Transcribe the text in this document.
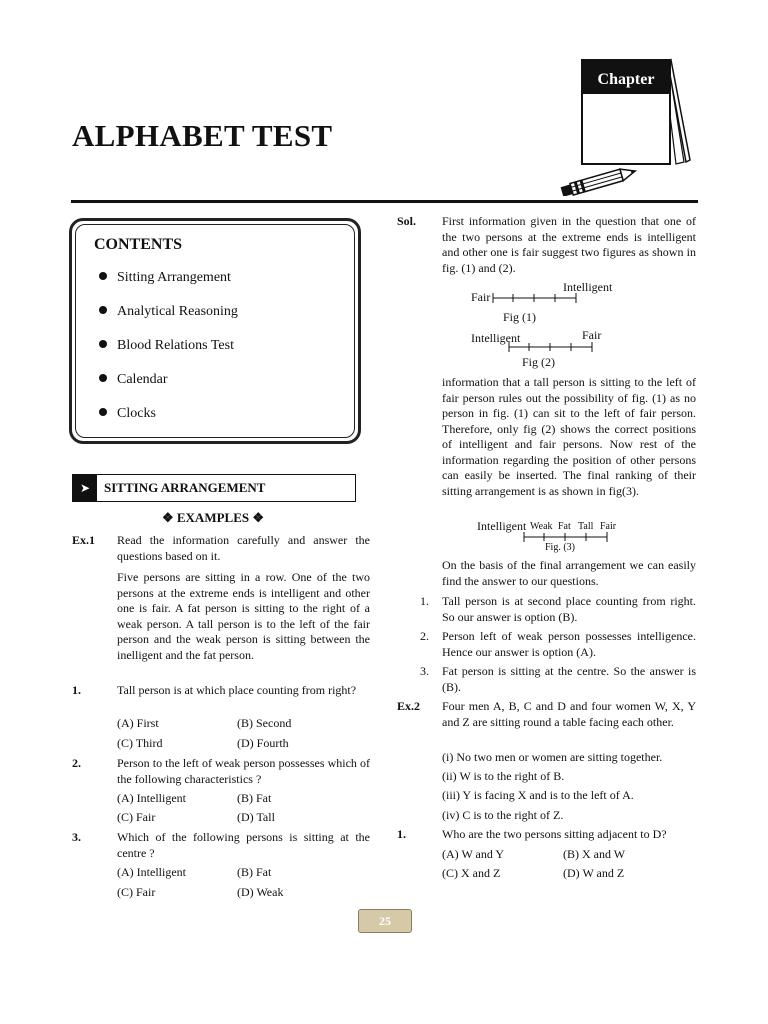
ALPHABET TEST
Chapter
CONTENTS
Sitting Arrangement
Analytical Reasoning
Blood Relations Test
Calendar
Clocks
➤	SITTING ARRANGEMENT
❖ EXAMPLES ❖
Ex.1 Read the information carefully and answer the questions based on it.
Five persons are sitting in a row. One of the two persons at the extreme ends is intelligent and other one is fair. A fat person is sitting to the right of a weak person. A tall person is to the left of the fair person and the weak person is sitting between the inelligent and the fat person.
1.	Tall person is at which place counting from right?
(A) First	(B) Second
(C) Third	(D) Fourth
2.	Person to the left of weak person possesses which of the following characteristics ?
(A) Intelligent	(B) Fat
(C) Fair	(D) Tall
3.	Which of the following persons is sitting at the centre ?
(A) Intelligent	(B) Fat
(C) Fair	(D) Weak
Sol. First information given in the question that one of the two persons at the extreme ends is intelligent and other one is fair suggest two figures as shown in fig. (1) and (2).
Fair
Intelligent
Fig (1)
Intelligent	Fair
Fig (2)
information that a tall person is sitting to the left of fair person rules out the possibility of fig. (1) as no person in fig. (1) can sit to the left of fair person. Therefore, only fig (2) shows the correct positions of intelligent and fair persons. Now rest of the information regarding the position of other persons can easily be inserted. The final ranking of their sitting arrangement is as shown in fig(3).
Intelligent Weak Fat Tall Fair
Fig. (3)
On the basis of the final arrangement we can easily find the answer to our questions.
1. Tall person is at second place counting from right. So our answer is option (B).
2. Person left of weak person possesses intelligence. Hence our answer is option (A).
3. Fat person is sitting at the centre. So the answer is (B).
Ex.2 Four men A, B, C and D and four women W, X, Y and Z are sitting round a table facing each other.
(i) No two men or women are sitting together.
(ii) W is to the right of B.
(iii) Y is facing X and is to the left of A.
(iv) C is to the right of Z.
1.	Who are the two persons sitting adjacent to D?
(A) W and Y	(B) X and W
(C) X and Z	(D) W and Z
25
